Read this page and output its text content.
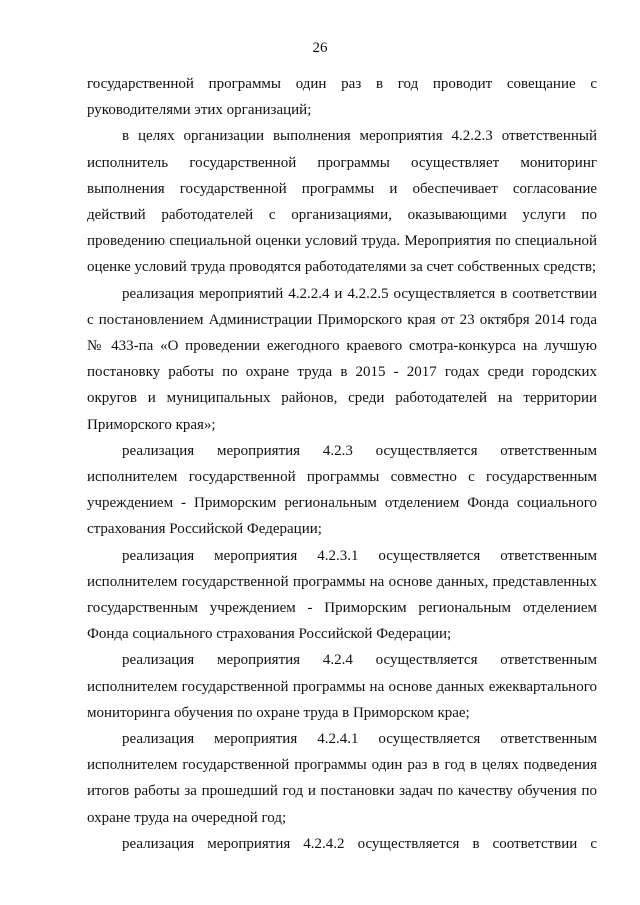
26

государственной программы один раз в год проводит совещание с руководителями этих организаций;

в целях организации выполнения мероприятия 4.2.2.3 ответственный исполнитель государственной программы осуществляет мониторинг выполнения государственной программы и обеспечивает согласование действий работодателей с организациями, оказывающими услуги по проведению специальной оценки условий труда. Мероприятия по специальной оценке условий труда проводятся работодателями за счет собственных средств;

реализация мероприятий 4.2.2.4 и 4.2.2.5 осуществляется в соответствии с постановлением Администрации Приморского края от 23 октября 2014 года № 433-па «О проведении ежегодного краевого смотра-конкурса на лучшую постановку работы по охране труда в 2015 - 2017 годах среди городских округов и муниципальных районов, среди работодателей на территории Приморского края»;

реализация мероприятия 4.2.3 осуществляется ответственным исполнителем государственной программы совместно с государственным учреждением - Приморским региональным отделением Фонда социального страхования Российской Федерации;

реализация мероприятия 4.2.3.1 осуществляется ответственным исполнителем государственной программы на основе данных, представленных государственным учреждением - Приморским региональным отделением Фонда социального страхования Российской Федерации;

реализация мероприятия 4.2.4 осуществляется ответственным исполнителем государственной программы на основе данных ежеквартального мониторинга обучения по охране труда в Приморском крае;

реализация мероприятия 4.2.4.1 осуществляется ответственным исполнителем государственной программы один раз в год в целях подведения итогов работы за прошедший год и постановки задач по качеству обучения по охране труда на очередной год;

реализация мероприятия 4.2.4.2 осуществляется в соответствии с
